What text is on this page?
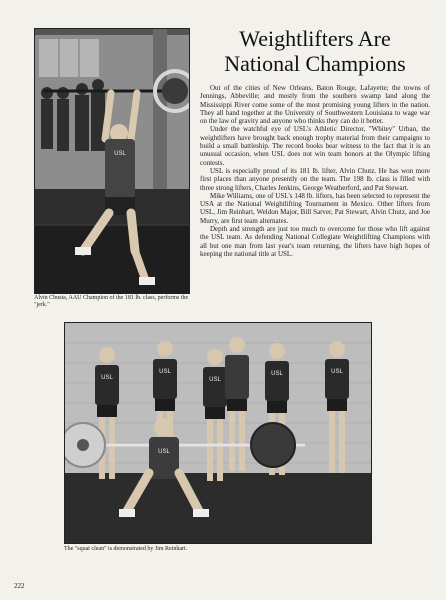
USL
Alvin Chusta, AAU Champion of the 181 lb. class, performs the "jerk."
Weightlifters Are National Champions

Out of the cities of New Orleans, Baton Rouge, Lafayette; the towns of Jennings, Abbeville; and mostly from the southern swamp land along the Mississippi River come some of the most promising young lifters in the nation. They all band together at the University of Southwestern Louisiana to wage war on the law of gravity and anyone who thinks they can do it better.

Under the watchful eye of USL's Athletic Director, "Whitey" Urban, the weightlifters have brought back enough trophy material from their campaigns to build a small battleship. The record books bear witness to the fact that it is an unusual occasion, when USL does not win team honors at the Olympic lifting contests.

USL is especially proud of its 181 lb. lifter, Alvin Chutz. He has won more first places than anyone presently on the team. The 198 lb. class is filled with three strong lifters, Charles Jenkins, George Weatherford, and Pat Stewart.

Mike Williams, one of USL's 148 lb. lifters, has been selected to represent the USA at the National Weightlifting Tournament in Mexico. Other lifters from USL, Jim Reinhart, Weldon Major, Bill Sarver, Pat Stewart, Alvin Chutz, and Joe Murry, are first team alternates.

Depth and strength are just too much to overcome for those who lift against the USL team. As defending National Collegiate Weightlifting Champions with all but one man from last year's team returning, the lifters have high hopes of keeping the national title at USL.

USL
USL
USL
USL	USL
USL
The "squat clean" is demonstrated by Jim Reinhart.
222
